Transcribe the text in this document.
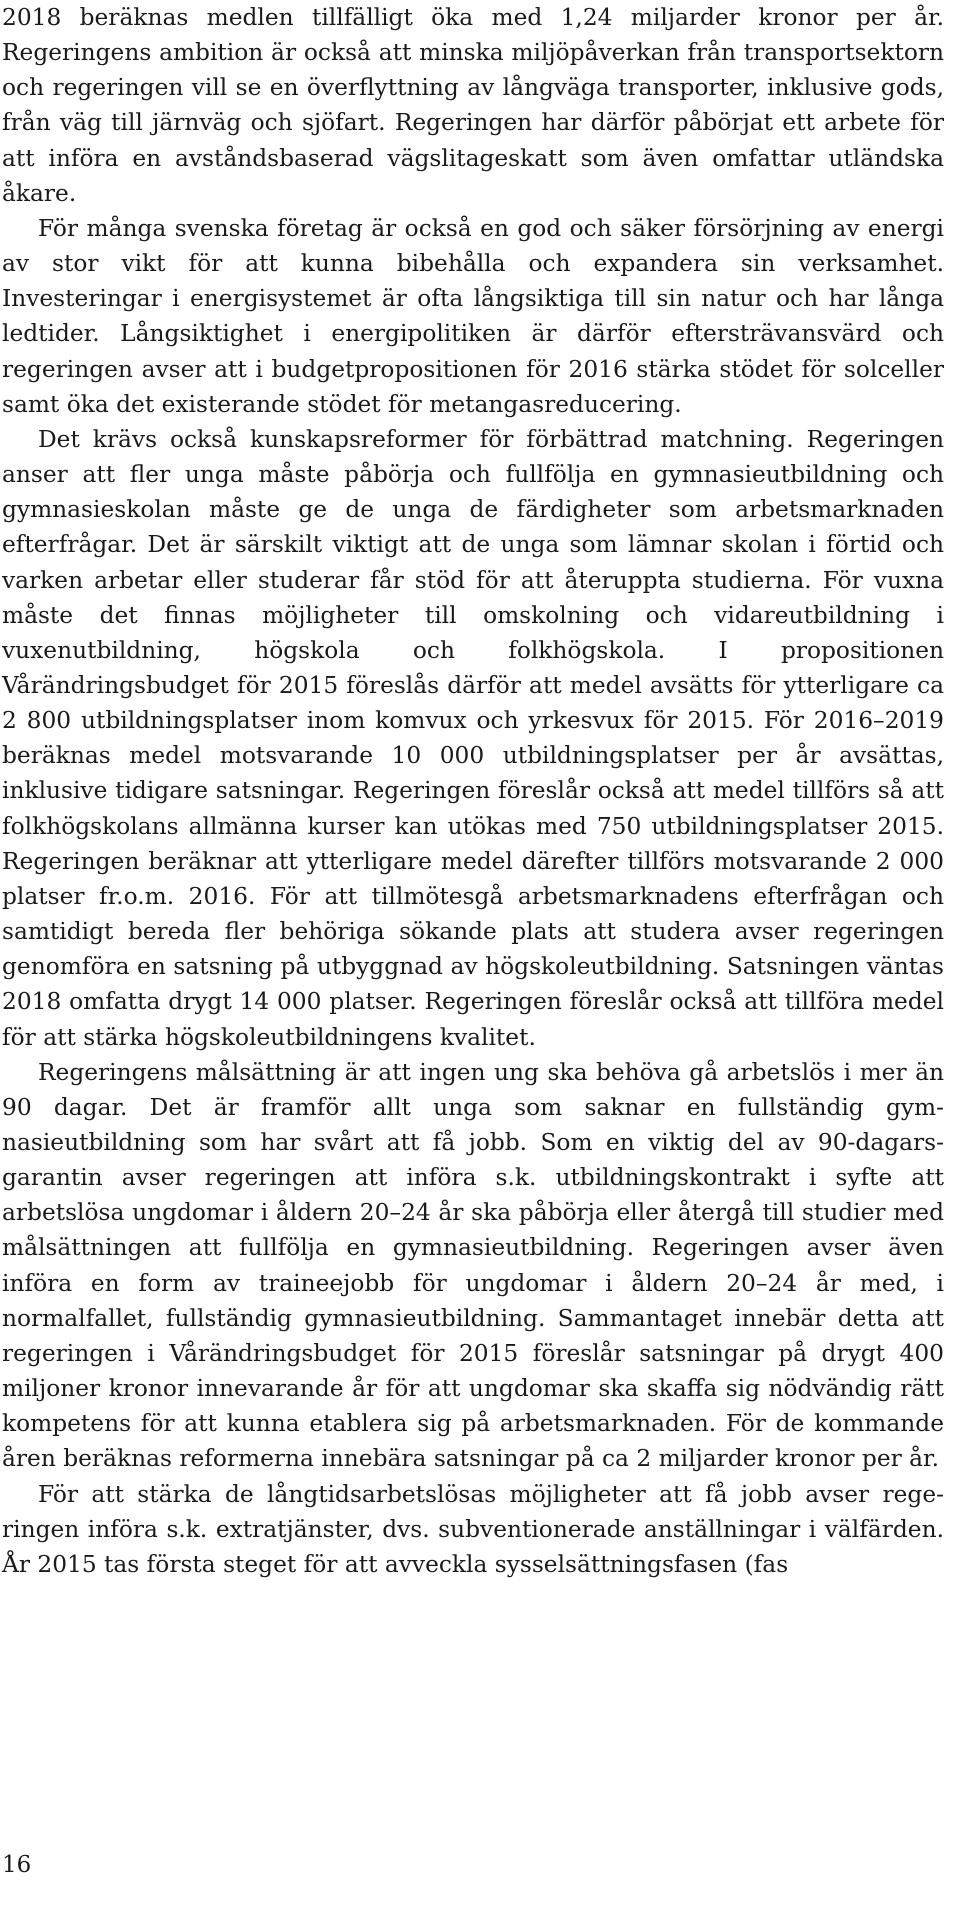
2018 beräknas medlen tillfälligt öka med 1,24 miljarder kronor per år. Regeringens ambition är också att minska miljöpåverkan från transportsektorn och regeringen vill se en överflyttning av långväga transporter, inklusive gods, från väg till järnväg och sjöfart. Regeringen har därför påbörjat ett arbete för att införa en avståndsbaserad vägslitageskatt som även omfattar utländska åkare.

För många svenska företag är också en god och säker försörjning av energi av stor vikt för att kunna bibehålla och expandera sin verksamhet. Investeringar i energisystemet är ofta långsiktiga till sin natur och har långa ledtider. Långsiktighet i energipolitiken är därför eftersträvansvärd och regeringen avser att i budgetpropositionen för 2016 stärka stödet för solceller samt öka det existerande stödet för metangasreducering.

Det krävs också kunskapsreformer för förbättrad matchning. Regeringen anser att fler unga måste påbörja och fullfölja en gymnasieutbildning och gymnasieskolan måste ge de unga de färdigheter som arbetsmarknaden efterfrågar. Det är särskilt viktigt att de unga som lämnar skolan i förtid och varken arbetar eller studerar får stöd för att återuppta studierna. För vuxna måste det finnas möjligheter till omskolning och vidareutbildning i vuxenutbildning, högskola och folkhögskola. I propositionen Vårändringsbudget för 2015 föreslås därför att medel avsätts för ytterligare ca 2 800 utbildningsplatser inom komvux och yrkesvux för 2015. För 2016–2019 beräknas medel motsvarande 10 000 utbildningsplatser per år avsättas, inklusive tidigare satsningar. Regeringen föreslår också att medel tillförs så att folkhögskolans allmänna kurser kan utökas med 750 utbildningsplatser 2015. Regeringen beräknar att ytterligare medel därefter tillförs motsvarande 2 000 platser fr.o.m. 2016. För att tillmötesgå arbetsmarknadens efterfrågan och samtidigt bereda fler behöriga sökande plats att studera avser regeringen genomföra en satsning på utbyggnad av högskoleutbildning. Satsningen väntas 2018 omfatta drygt 14 000 platser. Regeringen föreslår också att tillföra medel för att stärka högskoleutbildningens kvalitet.

Regeringens målsättning är att ingen ung ska behöva gå arbetslös i mer än 90 dagar. Det är framför allt unga som saknar en fullständig gymnasieutbildning som har svårt att få jobb. Som en viktig del av 90-dagarsgarantin avser regeringen att införa s.k. utbildningskontrakt i syfte att arbetslösa ungdomar i åldern 20–24 år ska påbörja eller återgå till studier med målsättningen att fullfölja en gymnasieutbildning. Regeringen avser även införa en form av traineejobb för ungdomar i åldern 20–24 år med, i normalfallet, fullständig gymnasieutbildning. Sammantaget innebär detta att regeringen i Vårändringsbudget för 2015 föreslår satsningar på drygt 400 miljoner kronor innevarande år för att ungdomar ska skaffa sig nödvändig rätt kompetens för att kunna etablera sig på arbetsmarknaden. För de kommande åren beräknas reformerna innebära satsningar på ca 2 miljarder kronor per år.

För att stärka de långtidsarbetslösas möjligheter att få jobb avser regeringen införa s.k. extratjänster, dvs. subventionerade anställningar i välfärden. År 2015 tas första steget för att avveckla sysselsättningsfasen (fas

16
